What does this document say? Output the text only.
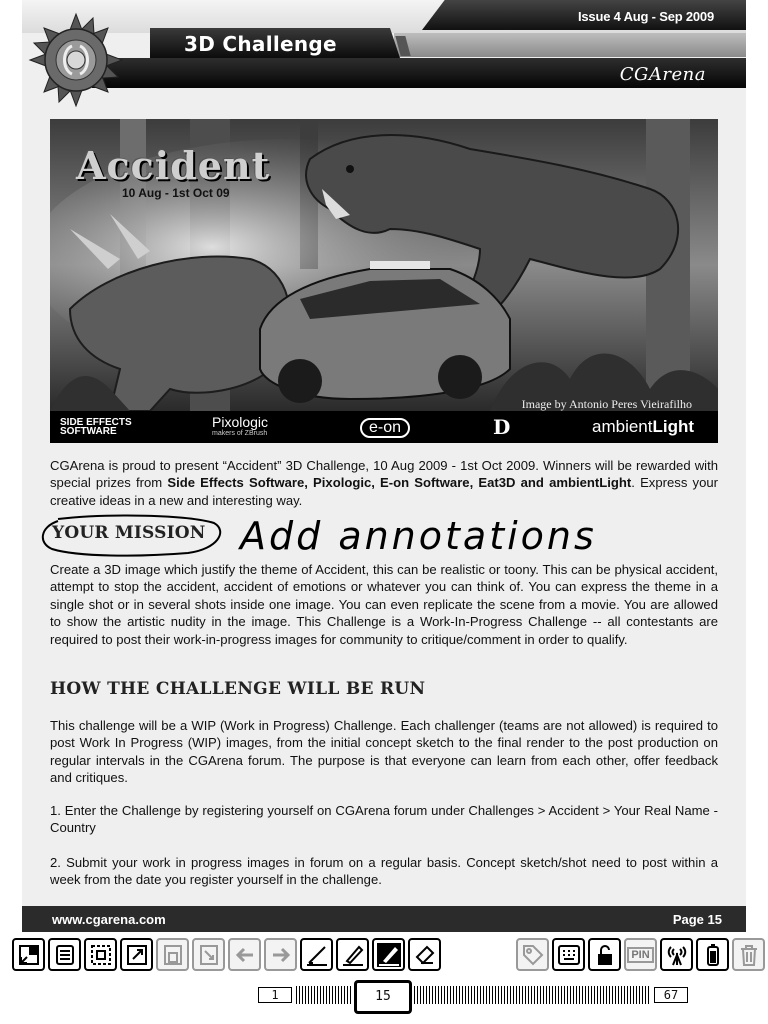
Issue 4 Aug - Sep 2009
3D Challenge
CGArena
Accident
10 Aug - 1st Oct 09
Image by Antonio Peres Vieirafilho
SIDE EFFECTS SOFTWARE
Pixologic
makers of ZBrush	e-on	D	ambientLight
CGArena is proud to present “Accident” 3D Challenge, 10 Aug 2009 - 1st Oct 2009. Winners will be rewarded with special prizes from Side Effects Software, Pixologic, E-on Software, Eat3D and ambientLight. Express your creative ideas in a new and interesting way.
YOUR MISSION Add annotations
Create a 3D image which justify the theme of Accident, this can be realistic or toony. This can be physical accident, attempt to stop the accident, accident of emotions or whatever you can think of. You can express the theme in a single shot or in several shots inside one image. You can even replicate the scene from a movie. You are allowed to show the artistic nudity in the image. This Challenge is a Work-In-Progress Challenge -- all contestants are required to post their work-in-progress images for community to critique/comment in order to qualify.
HOW THE CHALLENGE WILL BE RUN
This challenge will be a WIP (Work in Progress) Challenge. Each challenger (teams are not allowed) is required to post Work In Progress (WIP) images, from the initial concept sketch to the final render to the post production on regular intervals in the CGArena forum. The purpose is that everyone can learn from each other, offer feedback and critiques.
1. Enter the Challenge by registering yourself on CGArena forum under Challenges > Accident > Your Real Name - Country
2. Submit your work in progress images in forum on a regular basis. Concept sketch/shot need to post within a week from the date you register yourself in the challenge.
www.cgarena.com	Page 15
PIN
1	15	67
